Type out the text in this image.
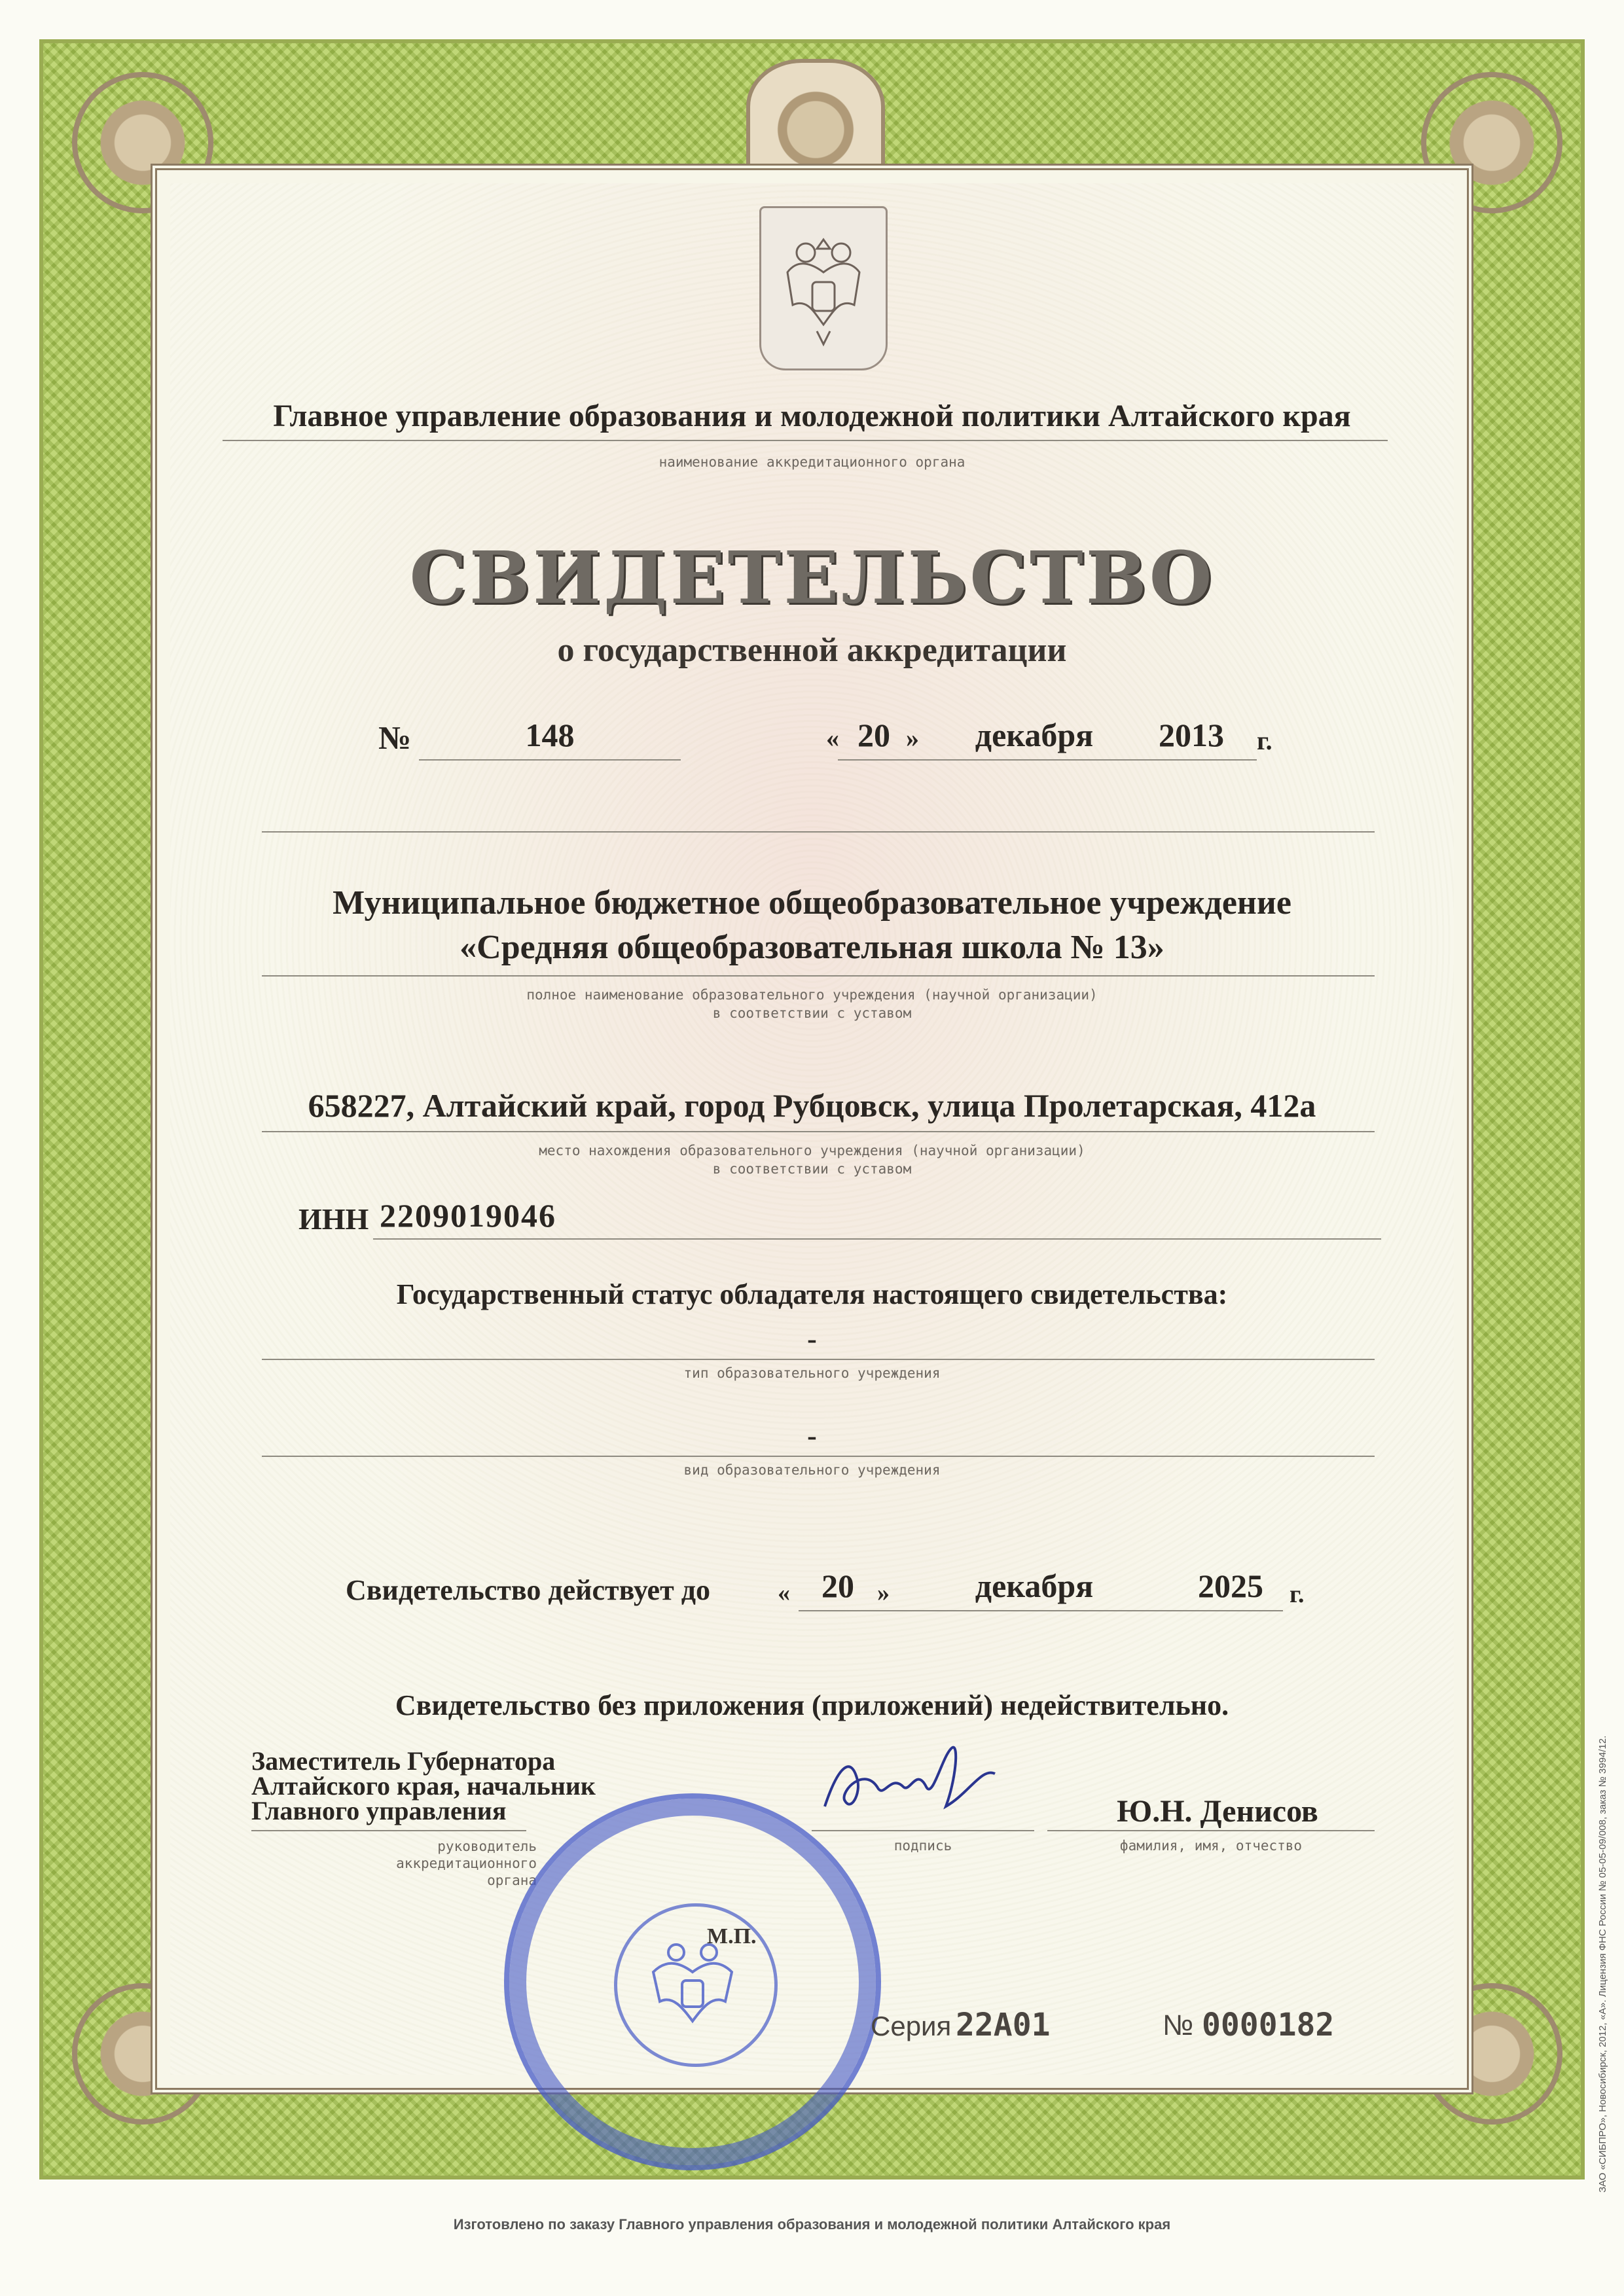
Главное управление образования и молодежной политики Алтайского края
наименование аккредитационного органа
СВИДЕТЕЛЬСТВО
о государственной аккредитации
№	148	« 20 »	декабря	2013	г.
Муниципальное бюджетное общеобразовательное учреждение
«Средняя общеобразовательная школа № 13»
полное наименование образовательного учреждения (научной организации)
в соответствии с уставом
658227, Алтайский край, город Рубцовск, улица Пролетарская, 412а
место нахождения образовательного учреждения (научной организации)
в соответствии с уставом
ИНН 2209019046
Государственный статус обладателя настоящего свидетельства:
-
тип образовательного учреждения
-
вид образовательного учреждения
Свидетельство действует до	« 20 »	декабря	2025	г.
Свидетельство без приложения (приложений) недействительно.
Заместитель Губернатора
Алтайского края, начальник
Главного управления
руководитель
аккредитационного
органа
подпись
Ю.Н. Денисов
фамилия, имя, отчество
М.П.
Серия 22А01	№ 0000182
Изготовлено по заказу Главного управления образования и молодежной политики Алтайского края
ЗАО «СИБПРО», Новосибирск, 2012, «А». Лицензия ФНС России № 05-05-09/008, заказ № 3994/12.
